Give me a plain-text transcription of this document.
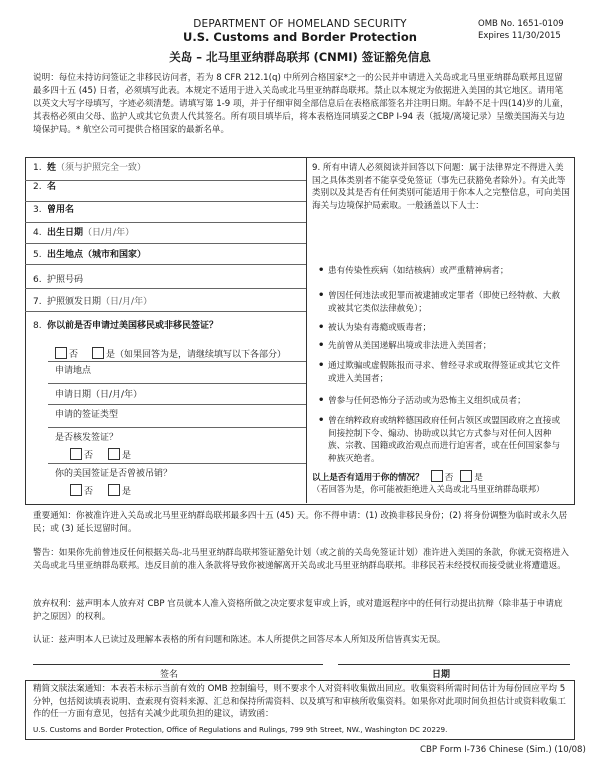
DEPARTMENT OF HOMELAND SECURITY
U.S. Customs and Border Protection
OMB No. 1651-0109
Expires 11/30/2015
关岛 – 北马里亚纳群岛联邦 (CNMI) 签证豁免信息
说明：每位未持访问签证之非移民访问者，若为 8 CFR 212.1(q) 中所列合格国家*之一的公民并申请进入关岛或北马里亚纳群岛联邦且逗留最多四十五 (45) 日者，必须填写此表。本规定不适用于进入关岛或北马里亚纳群岛联邦。禁止以本规定为依据进入美国的其它地区。请用笔以英文大写字母填写，字迹必须清楚。请填写第 1-9 项，并于仔细审阅全部信息后在表格底部签名并注明日期。年龄不足十四(14)岁的儿童，其表格必须由父母、监护人或其它负责人代其签名。所有项目填毕后，将本表格连同填妥之CBP I-94 表（抵境/离境记录）呈缴美国海关与边境保护局。* 航空公司可提供合格国家的最新名单。
1. 姓（须与护照完全一致）
2. 名
3. 曾用名
4. 出生日期（日/月/年）
5. 出生地点（城市和国家）
6. 护照号码
7. 护照颁发日期（日/月/年）
8. 你以前是否申请过美国移民或非移民签证？
否	是（如果回答为是，请继续填写以下各部分）
申请地点
申请日期（日/月/年）
申请的签证类型
是否核发签证？
否	是
你的美国签证是否曾被吊销？
否	是
9. 所有申请人必须阅读并回答以下问题：属于法律界定不得进入美国之具体类别者不能享受免签证（事先已获豁免者除外）。有关此等类别以及其是否有任何类别可能适用于你本人之完整信息，可向美国海关与边境保护局索取。一般涵盖以下人士：
• 患有传染性疾病（如结核病）或严重精神病者；
• 曾因任何违法或犯罪而被逮捕或定罪者（即使已经特赦、大赦或被其它类似法律赦免）；
• 被认为染有毒瘾或贩毒者；
• 先前曾从美国递解出境或非法进入美国者；
• 通过欺骗或虚假陈报而寻求、曾经寻求或取得签证或其它文件或进入美国者；
• 曾参与任何恐怖分子活动或为恐怖主义组织成员者；
• 曾在纳粹政府或纳粹德国政府任何占领区或盟国政府之直接或间接控制下令、煽动、协助或以其它方式参与对任何人因种族、宗教、国籍或政治观点而进行迫害者，或在任何国家参与种族灭绝者。
以上是否有适用于你的情况？ 否 是
（若回答为是，你可能被拒绝进入关岛或北马里亚纳群岛联邦）
重要通知：你被准许进入关岛或北马里亚纳群岛联邦最多四十五 (45) 天。你不得申请：(1) 改换非移民身份；(2) 将身份调整为临时或永久居民；或 (3) 延长逗留时间。
警告：如果你先前曾违反任何根据关岛-北马里亚纳群岛联邦签证豁免计划（或之前的关岛免签证计划）准许进入美国的条款，你就无资格进入关岛或北马里亚纳群岛联邦。违反目前的准入条款将导致你被递解离开关岛或北马里亚纳群岛联邦。非移民若未经授权而接受就业将遭遣返。
放弃权利：兹声明本人放弃对 CBP 官员就本人准入资格所做之决定要求复审或上诉，或对遣返程序中的任何行动提出抗辩（除非基于申请庇护之原因）的权利。
认证：兹声明本人已读过及理解本表格的所有问题和陈述。本人所提供之回答尽本人所知及所信皆真实无误。
签名	日期
精简文牍法案通知：本表若未标示当前有效的 OMB 控制编号，则不要求个人对资料收集做出回应。收集资料所需时间估计为每份回应平均 5 分钟，包括阅读填表说明、查索现有资料来源、汇总和保持所需资料、以及填写和审核所收集资料。如果你对此项时间负担估计或资料收集工作的任一方面有意见，包括有关减少此项负担的建议，请致函：
U.S. Customs and Border Protection, Office of Regulations and Rulings, 799 9th Street, NW., Washington DC 20229.
CBP Form I-736 Chinese (Sim.) (10/08)
